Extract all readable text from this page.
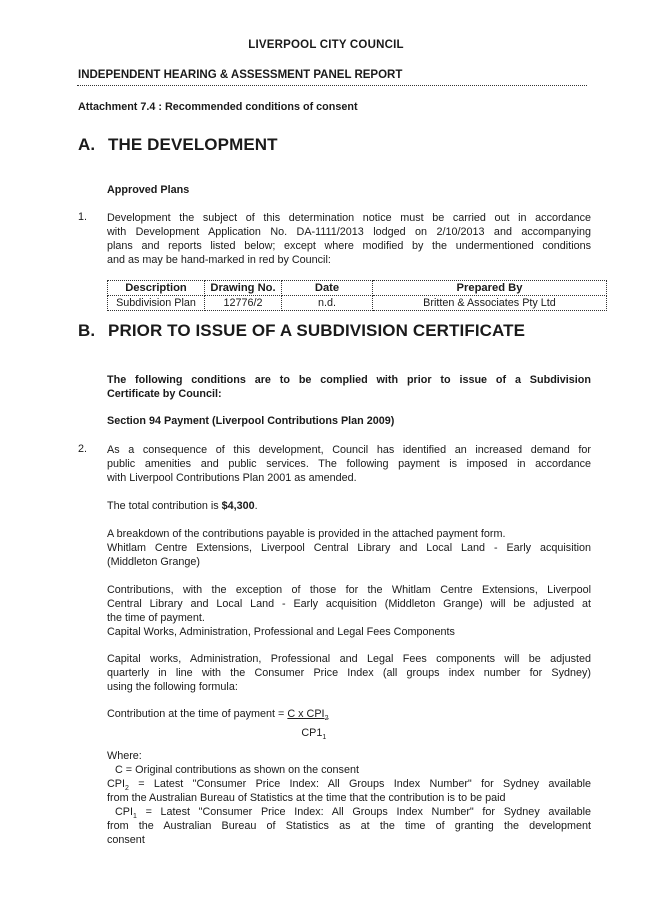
LIVERPOOL CITY COUNCIL
INDEPENDENT HEARING & ASSESSMENT PANEL REPORT
Attachment 7.4 : Recommended conditions of consent
A. THE DEVELOPMENT
Approved Plans
1. Development the subject of this determination notice must be carried out in accordance
with Development Application No. DA-1111/2013 lodged on 2/10/2013 and accompanying
plans and reports listed below; except where modified by the undermentioned conditions
and as may be hand-marked in red by Council:
Description	Drawing No.	Date	Prepared By
Subdivision Plan	12776/2	n.d.	Britten & Associates Pty Ltd
B. PRIOR TO ISSUE OF A SUBDIVISION CERTIFICATE
The following conditions are to be complied with prior to issue of a Subdivision
Certificate by Council:
Section 94 Payment (Liverpool Contributions Plan 2009)
2. As a consequence of this development, Council has identified an increased demand for
public amenities and public services. The following payment is imposed in accordance
with Liverpool Contributions Plan 2001 as amended.
The total contribution is $4,300.
A breakdown of the contributions payable is provided in the attached payment form.
Whitlam Centre Extensions, Liverpool Central Library and Local Land - Early acquisition
(Middleton Grange)
Contributions, with the exception of those for the Whitlam Centre Extensions, Liverpool
Central Library and Local Land - Early acquisition (Middleton Grange) will be adjusted at
the time of payment.
Capital Works, Administration, Professional and Legal Fees Components
Capital works, Administration, Professional and Legal Fees components will be adjusted
quarterly in line with the Consumer Price Index (all groups index number for Sydney)
using the following formula:
Contribution at the time of payment = $\frac{C x CPI_2}{CP1_1}$
Where:
C = Original contributions as shown on the consent
$CPI_2$ = Latest "Consumer Price Index: All Groups Index Number" for Sydney available
from the Australian Bureau of Statistics at the time that the contribution is to be paid
$CPI_1$ = Latest "Consumer Price Index: All Groups Index Number" for Sydney available
from the Australian Bureau of Statistics as at the time of granting the development
consent
